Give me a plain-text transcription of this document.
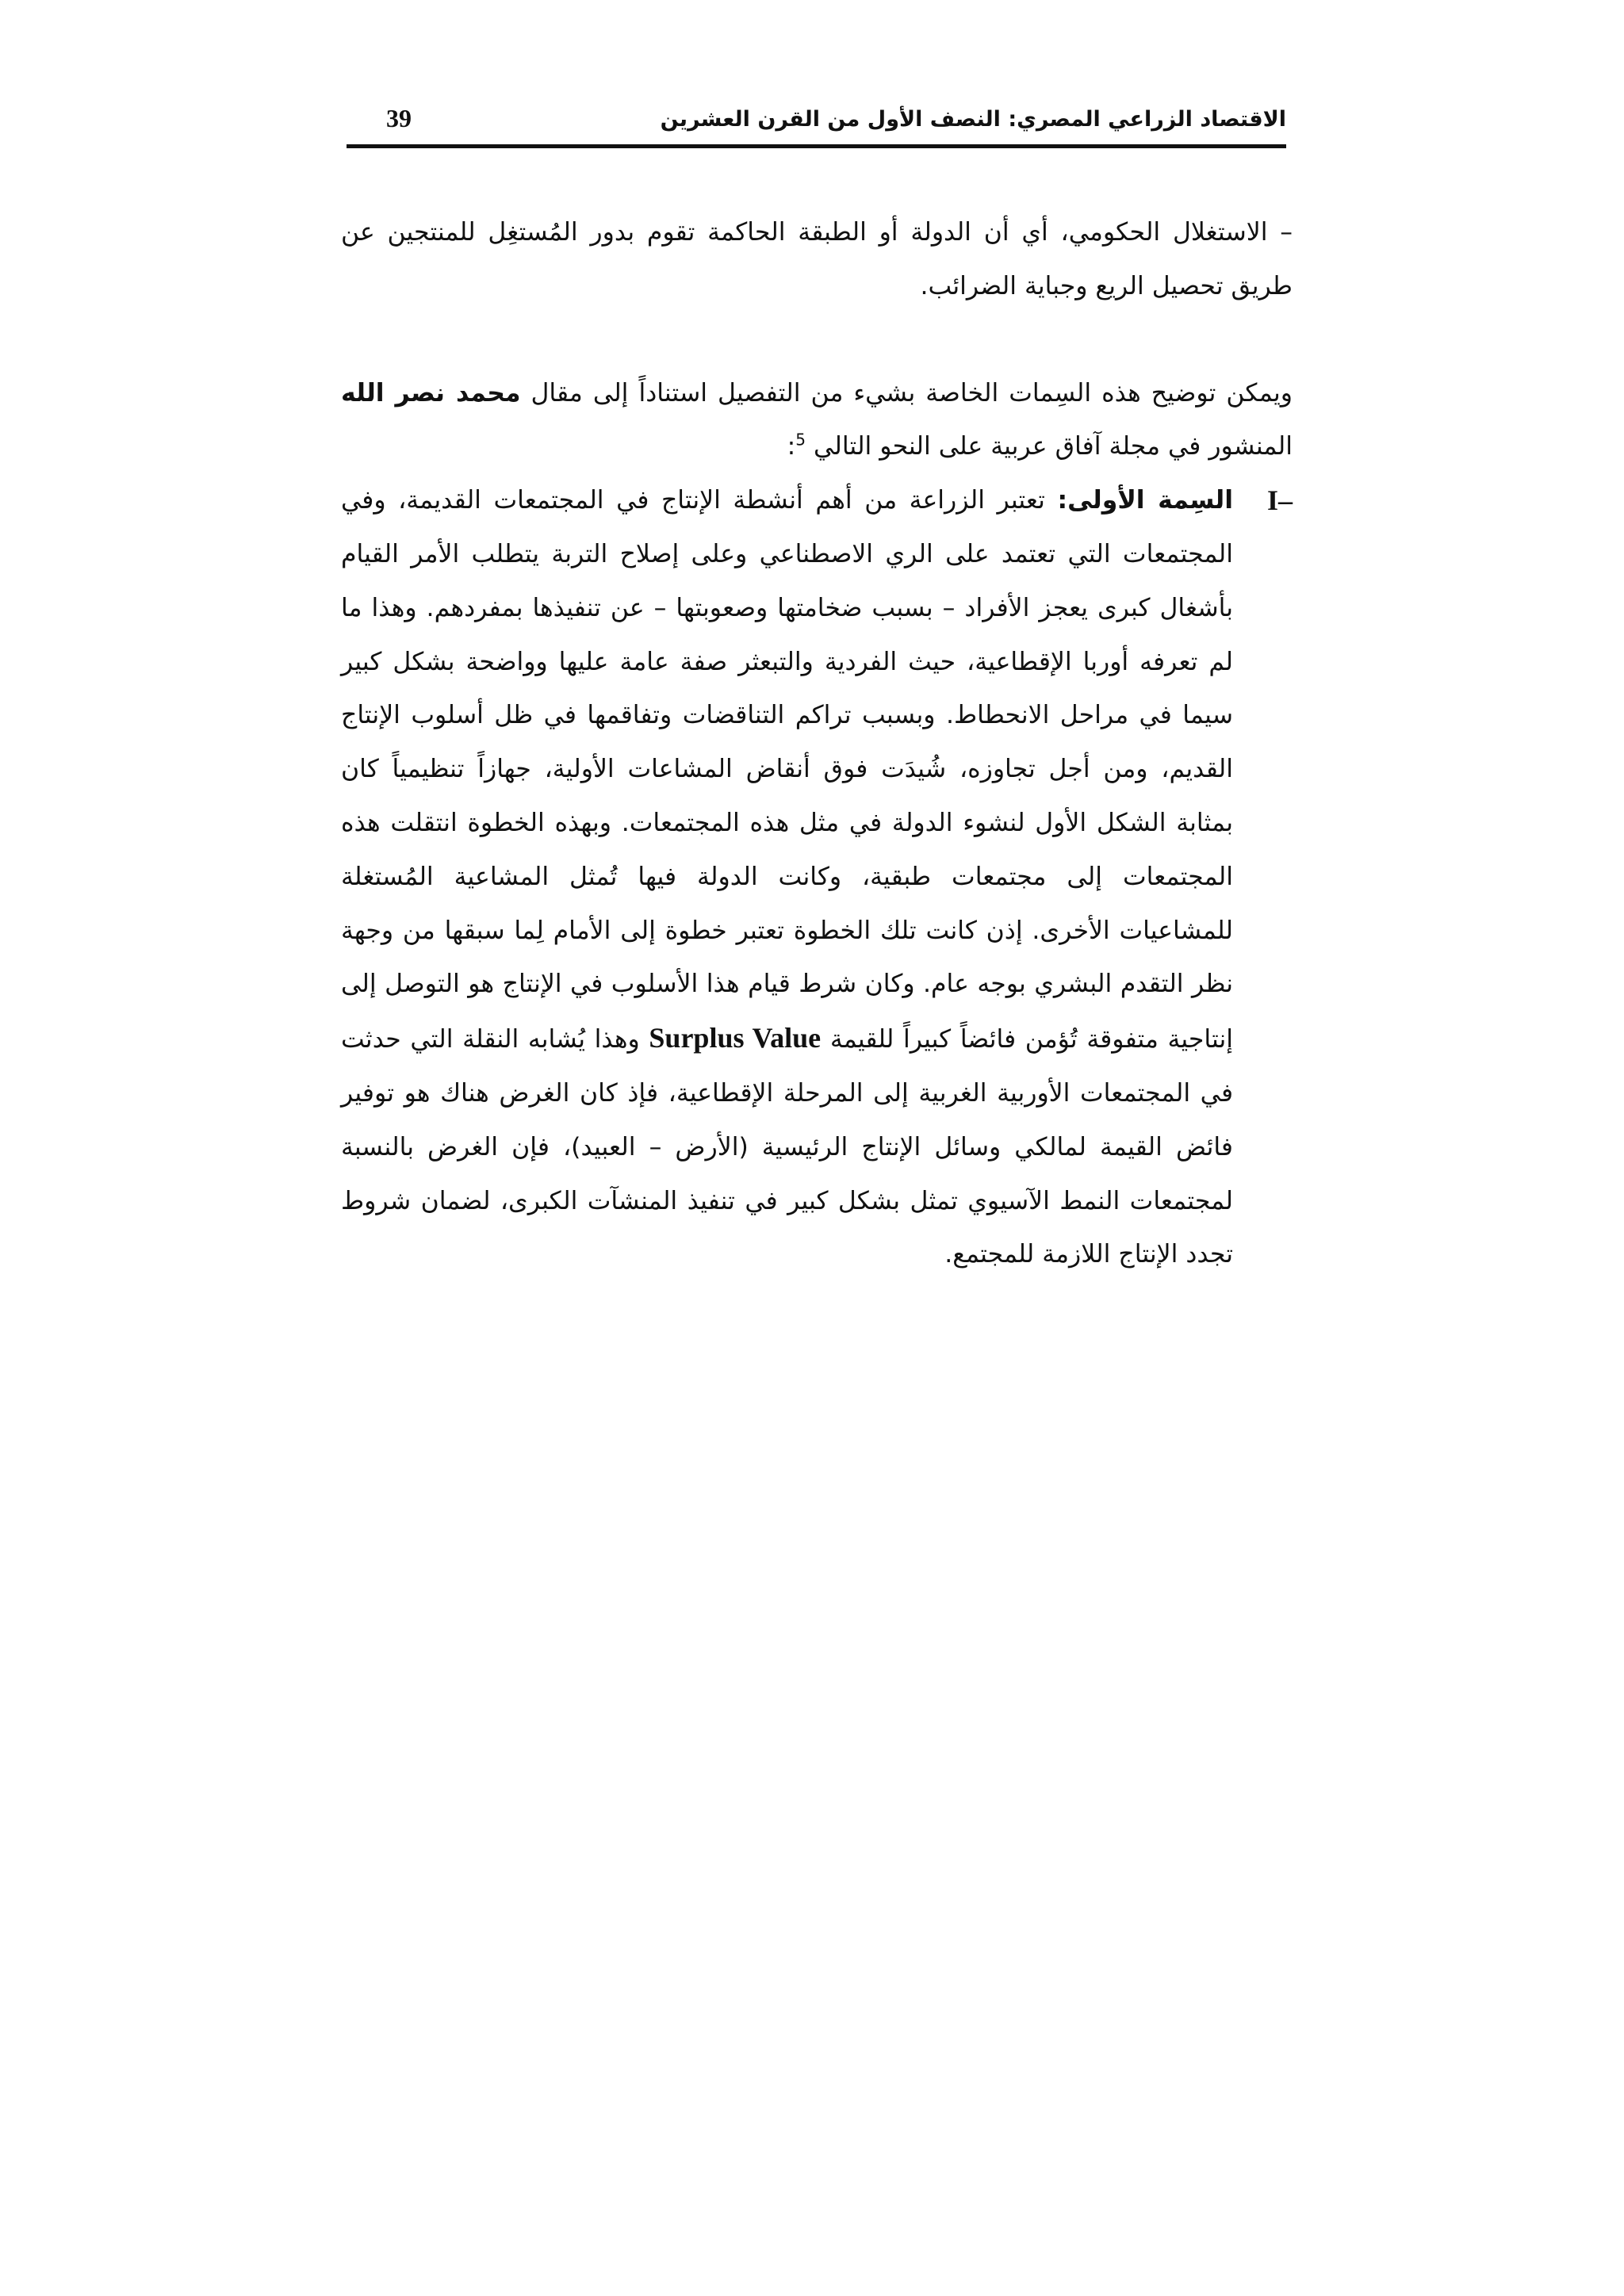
الاقتصاد الزراعي المصري: النصف الأول من القرن العشرين
39

– الاستغلال الحكومي، أي أن الدولة أو الطبقة الحاكمة تقوم بدور المُستغِل للمنتجين عن طريق تحصيل الريع وجباية الضرائب.

ويمكن توضيح هذه السِمات الخاصة بشيء من التفصيل استناداً إلى مقال محمد نصر الله المنشور في مجلة آفاق عربية على النحو التالي $^5$:

I–
السِمة الأولى: تعتبر الزراعة من أهم أنشطة الإنتاج في المجتمعات القديمة، وفي المجتمعات التي تعتمد على الري الاصطناعي وعلى إصلاح التربة يتطلب الأمر القيام بأشغال كبرى يعجز الأفراد – بسبب ضخامتها وصعوبتها – عن تنفيذها بمفردهم. وهذا ما لم تعرفه أوربا الإقطاعية، حيث الفردية والتبعثر صفة عامة عليها وواضحة بشكل كبير سيما في مراحل الانحطاط. وبسبب تراكم التناقضات وتفاقمها في ظل أسلوب الإنتاج القديم، ومن أجل تجاوزه، شُيدَت فوق أنقاض المشاعات الأولية، جهازاً تنظيمياً كان بمثابة الشكل الأول لنشوء الدولة في مثل هذه المجتمعات. وبهذه الخطوة انتقلت هذه المجتمعات إلى مجتمعات طبقية، وكانت الدولة فيها تُمثل المشاعية المُستغلة للمشاعيات الأخرى. إذن كانت تلك الخطوة تعتبر خطوة إلى الأمام لِما سبقها من وجهة نظر التقدم البشري بوجه عام. وكان شرط قيام هذا الأسلوب في الإنتاج هو التوصل إلى إنتاجية متفوقة تُؤمن فائضاً كبيراً للقيمة Surplus Value وهذا يُشابه النقلة التي حدثت في المجتمعات الأوربية الغربية إلى المرحلة الإقطاعية، فإذ كان الغرض هناك هو توفير فائض القيمة لمالكي وسائل الإنتاج الرئيسية (الأرض – العبيد)، فإن الغرض بالنسبة لمجتمعات النمط الآسيوي تمثل بشكل كبير في تنفيذ المنشآت الكبرى، لضمان شروط تجدد الإنتاج اللازمة للمجتمع.
